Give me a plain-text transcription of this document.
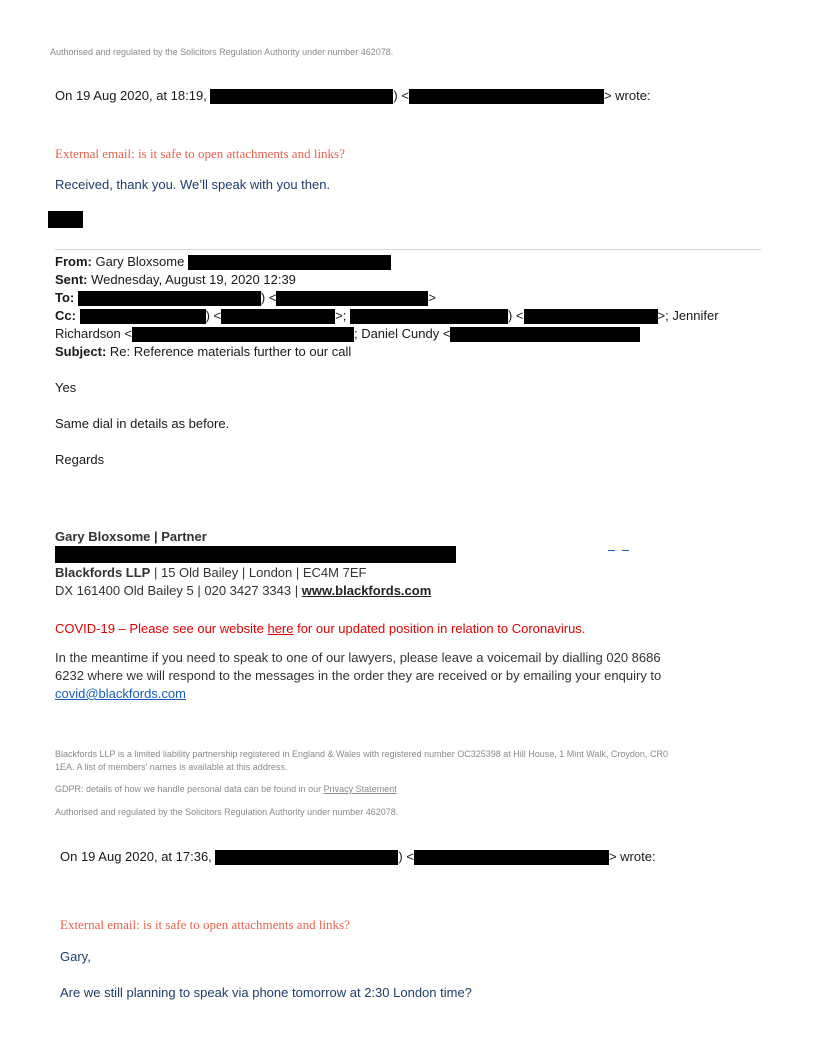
Authorised and regulated by the Solicitors Regulation Authority under number 462078.
On 19 Aug 2020, at 18:19,	) <	> wrote:
External email: is it safe to open attachments and links?
Received, thank you. We’ll speak with you then.
From: Gary Bloxsome
Sent: Wednesday, August 19, 2020 12:39
To:	) <	>
Cc:	) <	>;	) <	>; Jennifer
Richardson <	; Daniel Cundy <
Subject: Re: Reference materials further to our call
Yes
Same dial in details as before.
Regards
Gary Bloxsome | Partner

Blackfords LLP | 15 Old Bailey | London | EC4M 7EF
DX 161400 Old Bailey 5 | 020 3427 3343 | www.blackfords.com
COVID-19 – Please see our website here for our updated position in relation to Coronavirus.
In the meantime if you need to speak to one of our lawyers, please leave a voicemail by dialling 020 8686 6232 where we will respond to the messages in the order they are received or by emailing your enquiry to covid@blackfords.com
Blackfords LLP is a limited liability partnership registered in England & Wales with registered number OC325398 at Hill House, 1 Mint Walk, Croydon, CR0 1EA. A list of members' names is available at this address.
GDPR: details of how we handle personal data can be found in our Privacy Statement
Authorised and regulated by the Solicitors Regulation Authority under number 462078.
On 19 Aug 2020, at 17:36,	) <	> wrote:
External email: is it safe to open attachments and links?
Gary,
Are we still planning to speak via phone tomorrow at 2:30 London time?
